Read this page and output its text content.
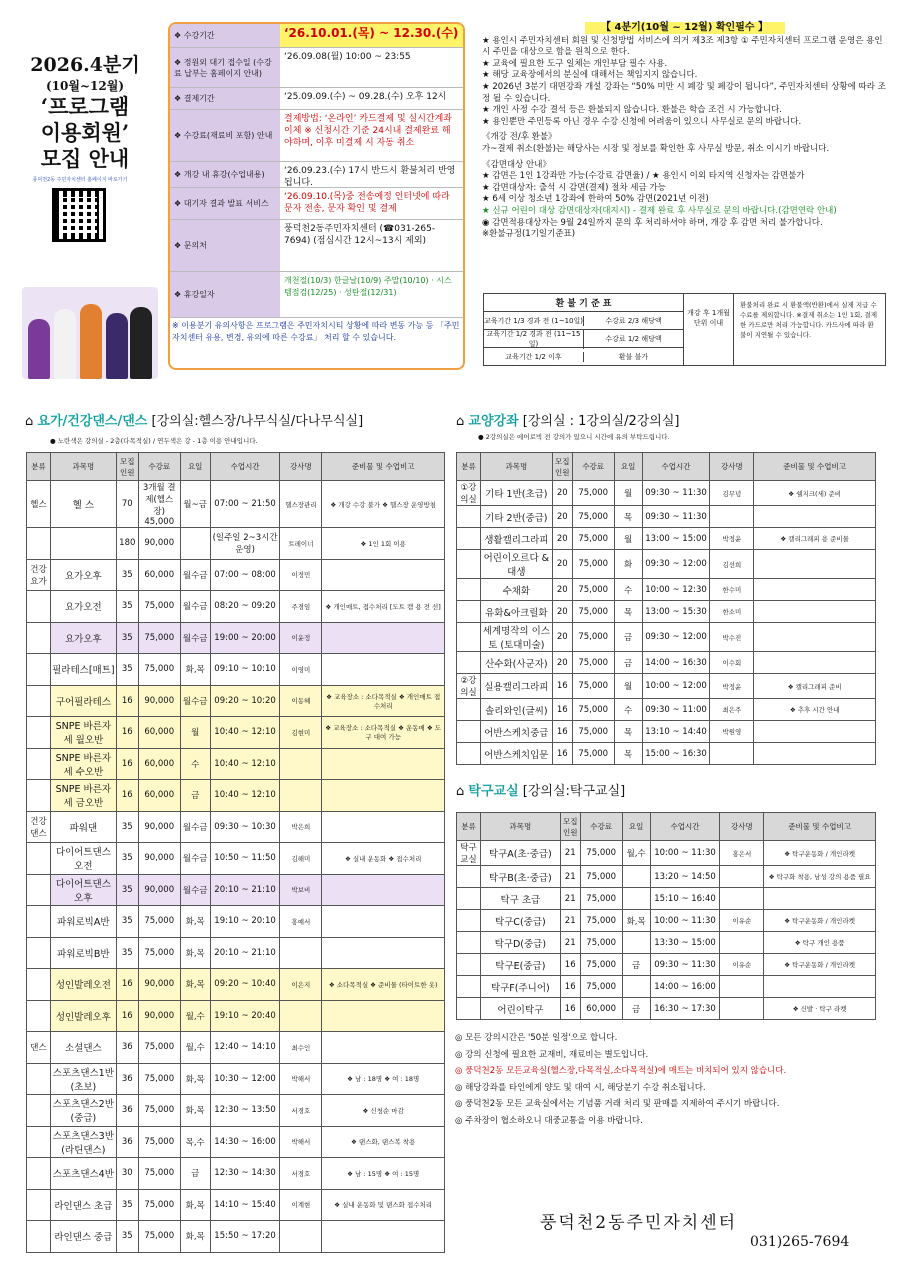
2026.4분기
(10월~12월)
‘프로그램
이용회원’
모집 안내
풍덕천2동 주민자치센터 홈페이지 바로가기
❖ 수강기간	‘26.10.01.(목) ~ 12.30.(수)
❖ 정원외 대기 접수일 (수강료 납부는 홈페이지 안내)
‘26.09.08(월) 10:00 ~ 23:55
❖ 결제기간	‘25.09.09.(수) ~ 09.28.(수) 오후 12시
❖ 수강료(재료비 포함) 안내
결제방법: ‘온라인’ 카드결제 및 실시간계좌이체 ※ 신청시간 기준 24시내 결제완료 해야하며, 이후 미결제 시 자동 취소
❖ 개강 내 휴강(수업내용)	‘26.09.23.(수) 17시 반드시 환불처리 반영됩니다.
❖ 대기자 결과 발표 서비스
‘26.09.10.(목)중 전송예정 인터넷에 따라 문자 전송, 문자 확인 및 결제
❖ 문의처
풍덕천2동주민자치센터 (☎031-265-7694) (점심시간 12시~13시 제외)
❖ 휴강일자
개천절(10/3) 한글날(10/9) 주말(10/10) · 시스템점검(12/25) · 성탄절(12/31)
※ 이용분기 유의사항은 프로그램은 주민자치시티 상황에 따라 변동 가능 등 「주민자치센터 유용, 변경, 유의에 따른 수강료」 처리 할 수 있습니다.
【 4분기(10월 ~ 12월) 확인필수 】
★ 용인시 주민자치센터 회원 및 신청방법 서비스에 의거 제3조 제3항 ① 주민자치센터 프로그램 운영은 용인시 주민을 대상으로 함을 원칙으로 한다.
★ 교육에 필요한 도구 일체는 개인부담 필수 사용.
★ 해당 교육장에서의 분실에 대해서는 책임지지 않습니다.
★ 2026년 3분기 대면강좌 개설 강좌는 “50% 미만 시 폐강 및 페강이 됩니다”, 주민자치센터 상황에 따라 조정 될 수 있습니다.
★ 개인 사정 수강 결석 등은 환불되지 않습니다. 환불은 학습 조건 시 가능합니다.
★ 용인뿐만 주민등록 아닌 경우 수강 신청에 어려움이 있으니 사무실로 문의 바랍니다.
《개강 전/후 환불》
가~결제 취소(환불)는 해당사는 시장 및 정보를 확인한 후 사무실 방문, 취소 이시기 바랍니다.
《감면대상 안내》
★ 감면은 1인 1강좌만 가능(수강료 감면율) / ★ 용인시 이외 타지역 신청자는 감면불가
★ 감면대상자: 출석 시 감면(결제) 절차 세금 가능
★ 6세 이상 청소년 1강좌에 한하여 50% 감면(2021년 이전)
★ 신규 어린이 대상 감면대상자(대지시) - 결제 완료 후 사무실로 문의 바랍니다.(감면연락 안내)
◉ 감면적용대상자는 9월 24일까지 문의 후 처리하셔야 하며, 개강 후 감면 처리 불가합니다.
※환불규정(1기일기준표)
환 불 기 준 표
교육기간 1/3 경과 전 (1~10일)	수강료 2/3 해당액
교육기간 1/2 경과 전 (11~15일)
수강료 1/2 해당액
교육기간 1/2 이후	환불 불가
개강 후 1개월 단위 이내
환불처리 완료 시 환불액(반환)에서 실제 지급 수수료를 제외합니다. ※결제 취소는 1인 1회, 결제한 카드로만 처리 가능합니다. 카드사에 따라 환불이 지연될 수 있습니다.
⌂ 요가/건강댄스/댄스 [강의실:헬스장/나무식실/다나무식실]
● 노란색은 강의실 - 2층(다목적실) / 연두색은 강 - 1층 이용 안내입니다.
분류	과목명	모집인원	수강료	요일	수업시간	강사명	준비물 및 수업비고
헬스	헬 스	70	3개월 결제(헬스장) 45,000	월~금	07:00 ~ 21:50	헬스장관리	❖ 개강 수강 불가 ❖ 헬스장 운영방침
		180	90,000		(일주일 2~3시간 운영)	트레이너	❖ 1인 1회 이용
건강요가	요가오후	35	60,000	월수금	07:00 ~ 08:00	이정민	
	요가오전	35	75,000	월수금	08:20 ~ 09:20	주경임	❖ 개인매트, 접수처리 [도트 캠 용 전 선]
	요가오후	35	75,000	월수금	19:00 ~ 20:00	이윤정	
	필라테스[매트]	35	75,000	화,목	09:10 ~ 10:10	이영미	
	구어필라테스	16	90,000	월수금	09:20 ~ 10:20	이동혜	❖ 교육장소 : 소다목적실 ❖ 개인매트 접수처리
	SNPE 바른자세 월오반	16	60,000	월	10:40 ~ 12:10	김현미	❖ 교육장소 : 소다목적실 ❖ 운동매 ❖ 도구 대여 가능
	SNPE 바른자세 수오반	16	60,000	수	10:40 ~ 12:10		
	SNPE 바른자세 금오반	16	60,000	금	10:40 ~ 12:10		
건강댄스	파워댄	35	90,000	월수금	09:30 ~ 10:30	박은희	
	다이어트댄스 오전	35	90,000	월수금	10:50 ~ 11:50	김해미	❖ 실내 운동화 ❖ 접수처리
	다이어트댄스 오후	35	90,000	월수금	20:10 ~ 21:10	박보비	
	파워로빅A반	35	75,000	화,목	19:10 ~ 20:10	홍예서	
	파워로빅B반	35	75,000	화,목	20:10 ~ 21:10		
	성인발레오전	16	90,000	화,목	09:20 ~ 10:40	이은지	❖ 소다목적실 ❖ 준비물 (타이트한 옷)
	성인발레오후	16	90,000	월,수	19:10 ~ 20:40		
댄스	소셜댄스	36	75,000	월,수	12:40 ~ 14:10	최수인	
	스포츠댄스1반 (초보)	36	75,000	화,목	10:30 ~ 12:00	박해서	❖ 남 : 18명 ❖ 여 : 18명
	스포츠댄스2반 (중급)	36	75,000	화,목	12:30 ~ 13:50	서경호	❖ 신청순 마감
	스포츠댄스3반 (라틴댄스)	36	75,000	목,수	14:30 ~ 16:00	박해서	❖ 댄스화, 댄스복 착용
	스포츠댄스4반	30	75,000	금	12:30 ~ 14:30	서경호	❖ 남 : 15명 ❖ 여 : 15명
	라인댄스 초급	35	75,000	화,목	14:10 ~ 15:40	이계현	❖ 실내 운동화 및 댄스화 접수처리
	라인댄스 중급	35	75,000	화,목	15:50 ~ 17:20		
⌂ 교양강좌 [강의실 : 1강의실/2강의실]
● 2강의실은 에어로빅 전 강의가 있으니 시간에 유의 부탁드립니다.
분류	과목명	모집인원	수강료	요일	수업시간	강사명	준비물 및 수업비고
①강의실	기타 1반(초급)	20	75,000	월	09:30 ~ 11:30	김무녕	❖ 쉘지크(세) 준비
	기타 2반(중급)	20	75,000	목	09:30 ~ 11:30		
	생활캘리그라피	20	75,000	월	13:00 ~ 15:00	박정윤	❖ 캘리그래피 용 준비물
	어린이오르다 &대생	20	75,000	화	09:30 ~ 12:00	김선희	
	수채화	20	75,000	수	10:00 ~ 12:30	한수미	
	유화&아크릴화	20	75,000	목	13:00 ~ 15:30	한소미	
	세계명작의 이스토 (토대미술)	20	75,000	금	09:30 ~ 12:00	박수진	
	산수화(사군자)	20	75,000	금	14:00 ~ 16:30	이수회	
②강의실	실용캘리그라피	16	75,000	월	10:00 ~ 12:00	박정윤	❖ 캘리그래피 준비
	솔리와인(글씨)	16	75,000	수	09:30 ~ 11:00	최은주	❖ 추후 시간 안내
	어반스케치중급	16	75,000	목	13:10 ~ 14:40	박원영	
	어반스케치입문	16	75,000	목	15:00 ~ 16:30		
⌂ 탁구교실 [강의실:탁구교실]
분류	과목명	모집인원	수강료	요일	수업시간	강사명	준비물 및 수업비고
탁구교실	탁구A(초·중급)	21	75,000	월,수	10:00 ~ 11:30	홍은서	❖ 탁구운동화 / 개인라켓
	탁구B(초·중급)	21	75,000		13:20 ~ 14:50		❖ 탁구화 착용, 남성 강의 용품 필요
	탁구 초급	21	75,000		15:10 ~ 16:40		
	탁구C(중급)	21	75,000	화,목	10:00 ~ 11:30	이유순	❖ 탁구운동화 / 개인라켓
	탁구D(중급)	21	75,000		13:30 ~ 15:00		❖ 탁구 개인 용품
	탁구E(중급)	16	75,000	금	09:30 ~ 11:30	이유순	❖ 탁구운동화 / 개인라켓
	탁구F(주니어)	16	75,000		14:00 ~ 16:00		
	어린이탁구	16	60,000	금	16:30 ~ 17:30		❖ 신발 · 탁구 라켓
◎ 모든 강의시간은 '50분 일정'으로 합니다.
◎ 강의 신청에 필요한 교재비, 재료비는 별도입니다.
◎ 풍덕천2동 모든교육실(헬스장,다목적실,소다목적실)에 매트는 비치되어 있지 않습니다.
◎ 해당강좌를 타인에게 양도 및 대여 시, 해당분기 수강 취소됩니다.
◎ 풍덕천2동 모든 교육실에서는 기념품 거래 처리 및 판매를 지제하여 주시기 바랍니다.
◎ 주차장이 협소하오니 대중교통을 이용 바랍니다.
풍덕천2동주민자치센터
031)265-7694
